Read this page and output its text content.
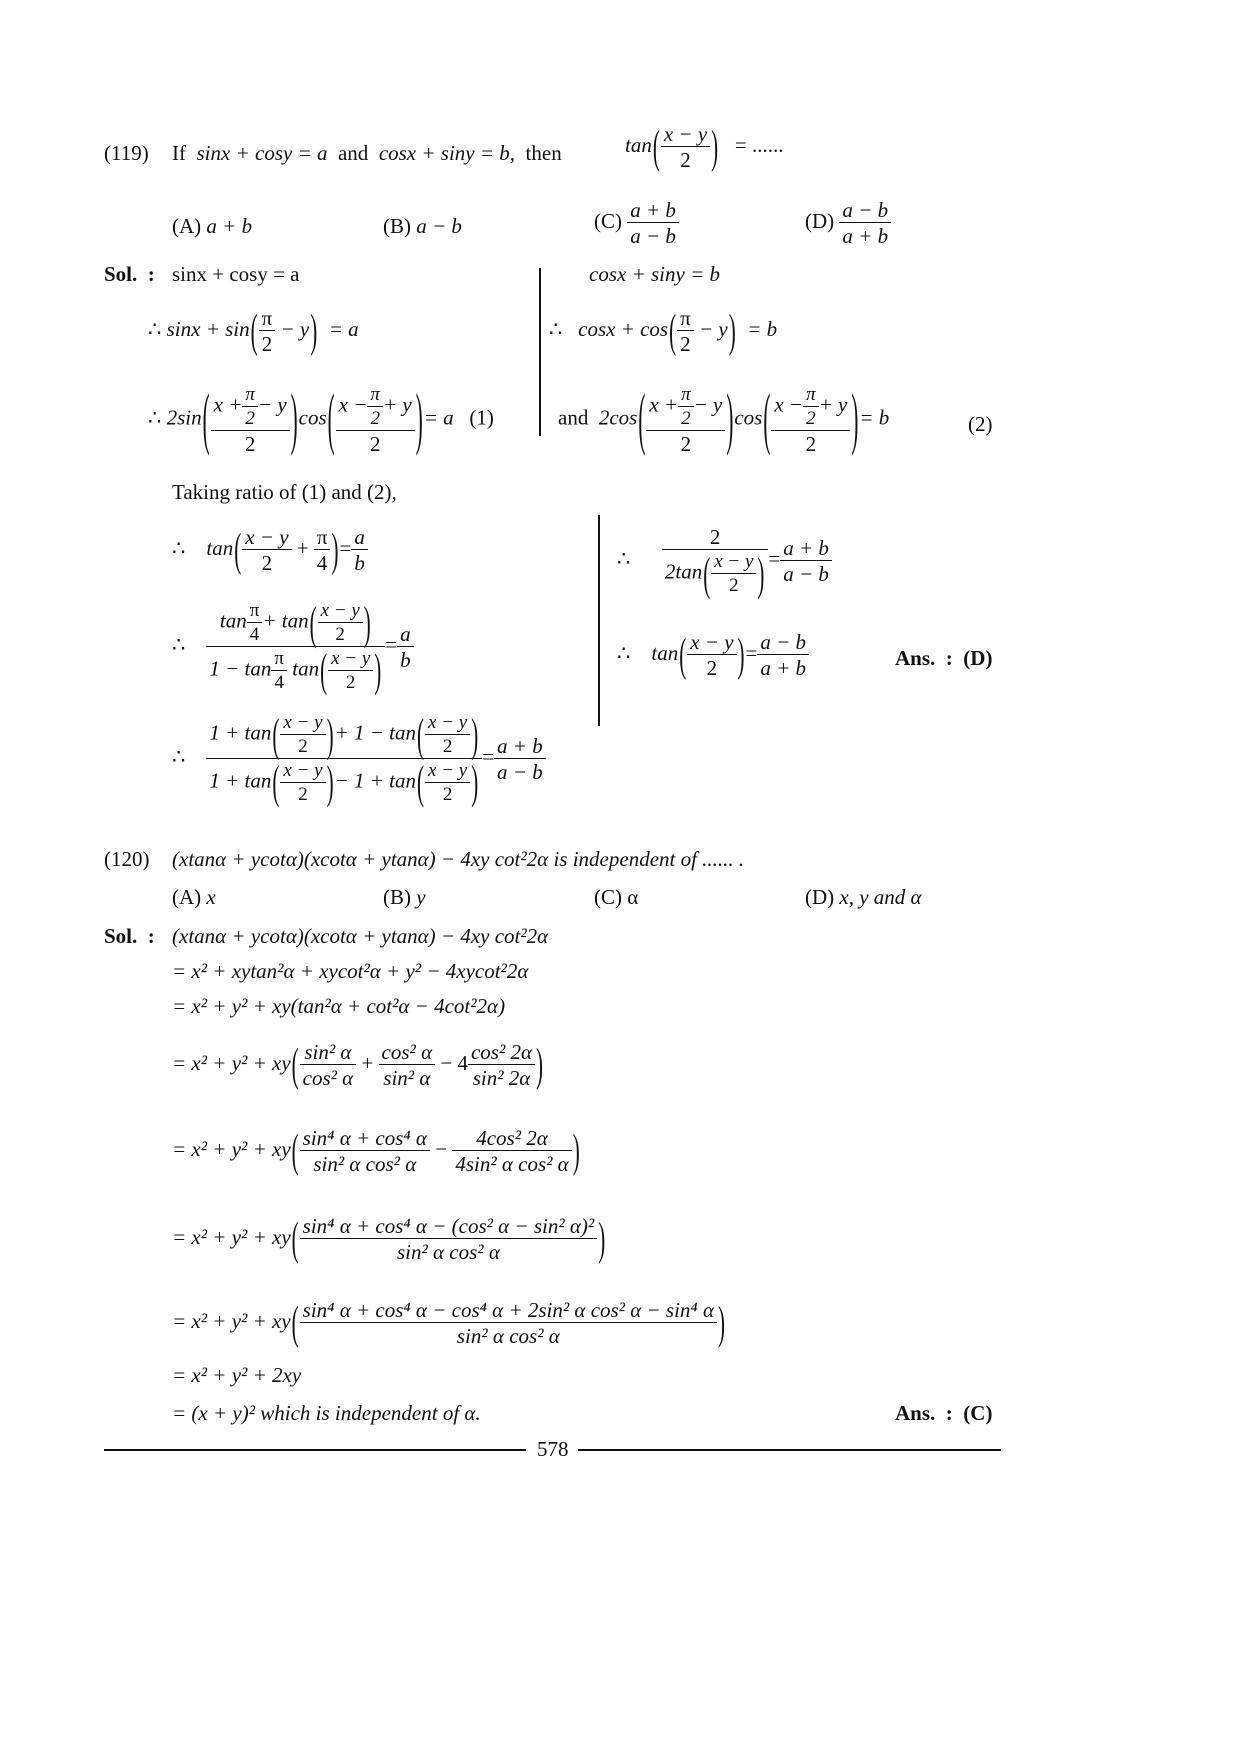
(119) If sinx + cosy = a and cosx + siny = b, then	$\tan( \frac{x - y}{2}$ ) = ......
(A) a + b	(B) a − b	$(C) \frac{a + b}{a - b}$	$(D) \frac{a - b}{a + b}$
Sol. : sinx + cosy = a	cosx + siny = b
∴ $\sin x + \sin( \frac{\pi}{2} - y) = a$	∴ $\cos x + \cos( \frac{\pi}{2} - y) = b$
∴ $2\sin( \frac{x + \frac{\pi}{2} - y}{2} )\cos( \frac{x - \frac{\pi}{2} + y}{2}$ )= a (1)	and $2\cos( \frac{x + \frac{\pi}{2} - y}{2} )\cos( \frac{x - \frac{\pi}{2} + y}{2}$ )= b	(2)
Taking ratio of (1) and (2),
∴ $\tan( \frac{x - y}{2} + \frac{\pi}{4}$ )= $\frac{a}{b}$
∴ $\frac{\tan \frac{\pi}{4} + \tan( \frac{x - y}{2} )}{1 - \tan \frac{\pi}{4} \tan( \frac{x - y}{2} )} = \frac{a}{b}$
∴ $\frac{1 + \tan( \frac{x - y}{2} )+ 1 - \tan( \frac{x - y}{2} )}{1 + \tan( \frac{x - y}{2} )- 1 + \tan( \frac{x - y}{2} )} = \frac{a + b}{a - b}$
∴ $\frac{2}{2\tan( \frac{x - y}{2} )} = \frac{a + b}{a - b}$
∴ $\tan( \frac{x - y}{2}$ )= $\frac{a - b}{a + b}$	Ans. : (D)
(120) (xtanα + ycotα)(xcotα + ytanα) − 4xy cot²2α is independent of ...... .
(A) x	(B) y	(C) α	(D) x, y and α
Sol. : (xtanα + ycotα)(xcotα + ytanα) − 4xy cot²2α
= x² + xytan²α + xycot²α + y² − 4xycot²2α
= x² + y² + xy(tan²α + cot²α − 4cot²2α)
= $x^2 + y^2 + xy( \frac{\text{sin² α}}{\text{cos² α}} + \frac{\text{cos² α}}{\text{sin² α}} - 4 \frac{\text{cos² 2α}}{\text{sin² 2α}}$ )
= $x^2 + y^2 + xy( \frac{\text{sin⁴ α + cos⁴ α}}{\text{sin² α cos² α}} - \frac{\text{4cos² 2α}}{\text{4sin² α cos² α}}$ )
= $x^2 + y^2 + xy( \frac{\text{sin⁴ α + cos⁴ α − (cos² α − sin² α)²}}{\text{sin² α cos² α}}$ )
= $x^2 + y^2 + xy( \frac{\text{sin⁴ α + cos⁴ α − cos⁴ α + 2sin² α cos² α − sin⁴ α}}{\text{sin² α cos² α}}$ )
= x² + y² + 2xy
= (x + y)² which is independent of α.	Ans. : (C)
578
